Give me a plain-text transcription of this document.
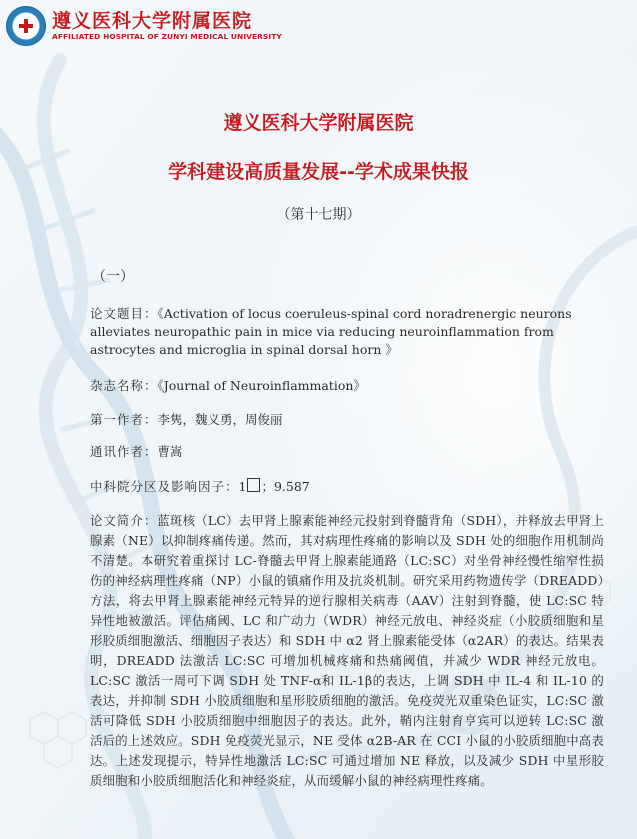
遵义医科大学附属医院
AFFILIATED HOSPITAL OF ZUNYI MEDICAL UNIVERSITY
遵义医科大学附属医院
学科建设高质量发展--学术成果快报
（第十七期）
（一）
论文题目：《Activation of locus coeruleus-spinal cord noradrenergic neurons alleviates neuropathic pain in mice via reducing neuroinflammation from astrocytes and microglia in spinal dorsal horn 》
杂志名称：《Journal of Neuroinflammation》
第一作者：李隽，魏义勇，周俊丽
通讯作者：曹嵩
中科院分区及影响因子：1 ；9.587
论文简介：蓝斑核（LC）去甲肾上腺素能神经元投射到脊髓背角（SDH），并释放去甲肾上腺素（NE）以抑制疼痛传递。然而，其对病理性疼痛的影响以及 SDH 处的细胞作用机制尚不清楚。本研究着重探讨 LC-脊髓去甲肾上腺素能通路（LC:SC）对坐骨神经慢性缩窄性损伤的神经病理性疼痛（NP）小鼠的镇痛作用及抗炎机制。研究采用药物遗传学（DREADD）方法，将去甲肾上腺素能神经元特异的逆行腺相关病毒（AAV）注射到脊髓，使 LC:SC 特异性地被激活。评估痛阈、LC 和广动力（WDR）神经元放电、神经炎症（小胶质细胞和星形胶质细胞激活、细胞因子表达）和 SDH 中 α2 肾上腺素能受体（α2AR）的表达。结果表明，DREADD 法激活 LC:SC 可增加机械疼痛和热痛阈值，并减少 WDR 神经元放电。LC:SC 激活一周可下调 SDH 处 TNF-α和 IL-1β的表达，上调 SDH 中 IL-4 和 IL-10 的表达，并抑制 SDH 小胶质细胞和星形胶质细胞的激活。免疫荧光双重染色证实，LC:SC 激活可降低 SDH 小胶质细胞中细胞因子的表达。此外，鞘内注射育亨宾可以逆转 LC:SC 激活后的上述效应。SDH 免疫荧光显示，NE 受体 α2B-AR 在 CCI 小鼠的小胶质细胞中高表达。上述发现提示，特异性地激活 LC:SC 可通过增加 NE 释放，以及减少 SDH 中星形胶质细胞和小胶质细胞活化和神经炎症，从而缓解小鼠的神经病理性疼痛。
